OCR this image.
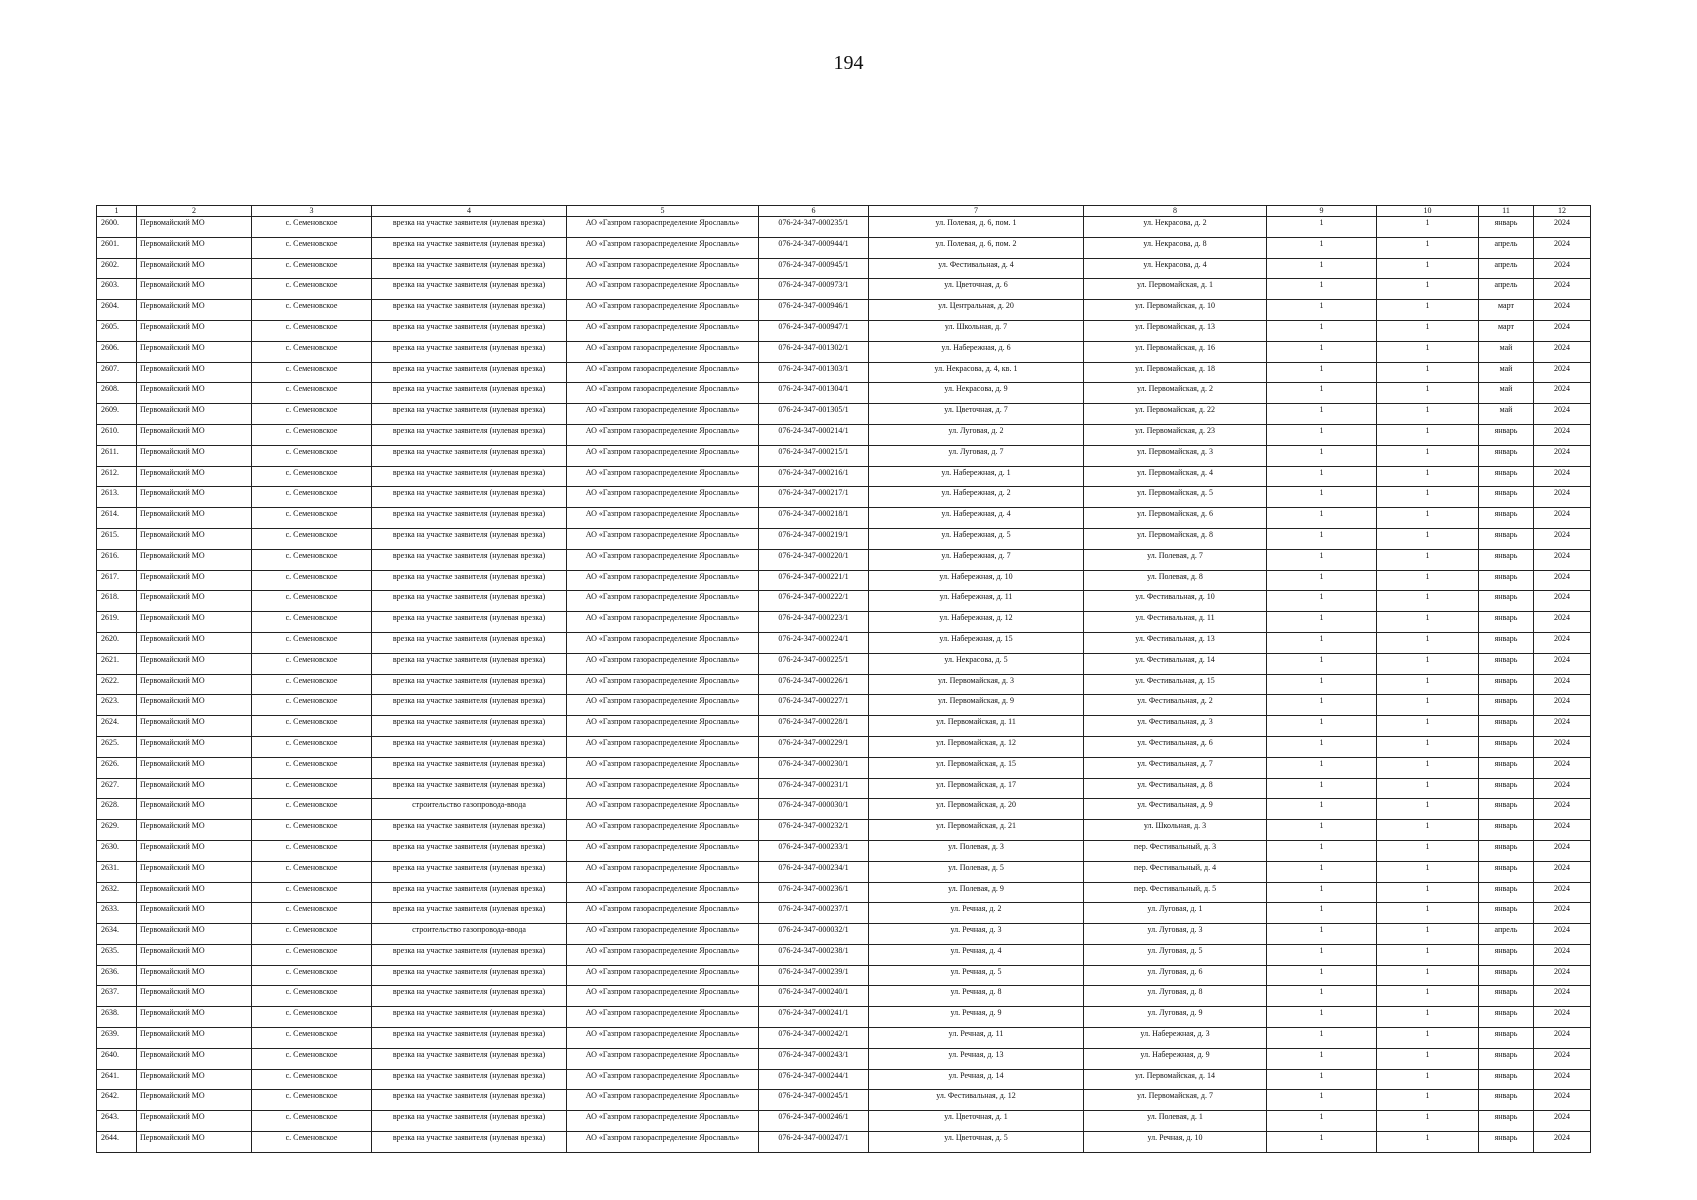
194
1	2	3	4	5	6	7	8	9	10	11	12
2600.	Первомайский МО	с. Семеновское	врезка на участке заявителя (нулевая врезка)	АО «Газпром газораспределение Ярославль»	076-24-347-000235/1	ул. Полевая, д. 6, пом. 1	ул. Некрасова, д. 2	1	1	январь	2024
2601.	Первомайский МО	с. Семеновское	врезка на участке заявителя (нулевая врезка)	АО «Газпром газораспределение Ярославль»	076-24-347-000944/1	ул. Полевая, д. 6, пом. 2	ул. Некрасова, д. 8	1	1	апрель	2024
2602.	Первомайский МО	с. Семеновское	врезка на участке заявителя (нулевая врезка)	АО «Газпром газораспределение Ярославль»	076-24-347-000945/1	ул. Фестивальная, д. 4	ул. Некрасова, д. 4	1	1	апрель	2024
2603.	Первомайский МО	с. Семеновское	врезка на участке заявителя (нулевая врезка)	АО «Газпром газораспределение Ярославль»	076-24-347-000973/1	ул. Цветочная, д. 6	ул. Первомайская, д. 1	1	1	апрель	2024
2604.	Первомайский МО	с. Семеновское	врезка на участке заявителя (нулевая врезка)	АО «Газпром газораспределение Ярославль»	076-24-347-000946/1	ул. Центральная, д. 20	ул. Первомайская, д. 10	1	1	март	2024
2605.	Первомайский МО	с. Семеновское	врезка на участке заявителя (нулевая врезка)	АО «Газпром газораспределение Ярославль»	076-24-347-000947/1	ул. Школьная, д. 7	ул. Первомайская, д. 13	1	1	март	2024
2606.	Первомайский МО	с. Семеновское	врезка на участке заявителя (нулевая врезка)	АО «Газпром газораспределение Ярославль»	076-24-347-001302/1	ул. Набережная, д. 6	ул. Первомайская, д. 16	1	1	май	2024
2607.	Первомайский МО	с. Семеновское	врезка на участке заявителя (нулевая врезка)	АО «Газпром газораспределение Ярославль»	076-24-347-001303/1	ул. Некрасова, д. 4, кв. 1	ул. Первомайская, д. 18	1	1	май	2024
2608.	Первомайский МО	с. Семеновское	врезка на участке заявителя (нулевая врезка)	АО «Газпром газораспределение Ярославль»	076-24-347-001304/1	ул. Некрасова, д. 9	ул. Первомайская, д. 2	1	1	май	2024
2609.	Первомайский МО	с. Семеновское	врезка на участке заявителя (нулевая врезка)	АО «Газпром газораспределение Ярославль»	076-24-347-001305/1	ул. Цветочная, д. 7	ул. Первомайская, д. 22	1	1	май	2024
2610.	Первомайский МО	с. Семеновское	врезка на участке заявителя (нулевая врезка)	АО «Газпром газораспределение Ярославль»	076-24-347-000214/1	ул. Луговая, д. 2	ул. Первомайская, д. 23	1	1	январь	2024
2611.	Первомайский МО	с. Семеновское	врезка на участке заявителя (нулевая врезка)	АО «Газпром газораспределение Ярославль»	076-24-347-000215/1	ул. Луговая, д. 7	ул. Первомайская, д. 3	1	1	январь	2024
2612.	Первомайский МО	с. Семеновское	врезка на участке заявителя (нулевая врезка)	АО «Газпром газораспределение Ярославль»	076-24-347-000216/1	ул. Набережная, д. 1	ул. Первомайская, д. 4	1	1	январь	2024
2613.	Первомайский МО	с. Семеновское	врезка на участке заявителя (нулевая врезка)	АО «Газпром газораспределение Ярославль»	076-24-347-000217/1	ул. Набережная, д. 2	ул. Первомайская, д. 5	1	1	январь	2024
2614.	Первомайский МО	с. Семеновское	врезка на участке заявителя (нулевая врезка)	АО «Газпром газораспределение Ярославль»	076-24-347-000218/1	ул. Набережная, д. 4	ул. Первомайская, д. 6	1	1	январь	2024
2615.	Первомайский МО	с. Семеновское	врезка на участке заявителя (нулевая врезка)	АО «Газпром газораспределение Ярославль»	076-24-347-000219/1	ул. Набережная, д. 5	ул. Первомайская, д. 8	1	1	январь	2024
2616.	Первомайский МО	с. Семеновское	врезка на участке заявителя (нулевая врезка)	АО «Газпром газораспределение Ярославль»	076-24-347-000220/1	ул. Набережная, д. 7	ул. Полевая, д. 7	1	1	январь	2024
2617.	Первомайский МО	с. Семеновское	врезка на участке заявителя (нулевая врезка)	АО «Газпром газораспределение Ярославль»	076-24-347-000221/1	ул. Набережная, д. 10	ул. Полевая, д. 8	1	1	январь	2024
2618.	Первомайский МО	с. Семеновское	врезка на участке заявителя (нулевая врезка)	АО «Газпром газораспределение Ярославль»	076-24-347-000222/1	ул. Набережная, д. 11	ул. Фестивальная, д. 10	1	1	январь	2024
2619.	Первомайский МО	с. Семеновское	врезка на участке заявителя (нулевая врезка)	АО «Газпром газораспределение Ярославль»	076-24-347-000223/1	ул. Набережная, д. 12	ул. Фестивальная, д. 11	1	1	январь	2024
2620.	Первомайский МО	с. Семеновское	врезка на участке заявителя (нулевая врезка)	АО «Газпром газораспределение Ярославль»	076-24-347-000224/1	ул. Набережная, д. 15	ул. Фестивальная, д. 13	1	1	январь	2024
2621.	Первомайский МО	с. Семеновское	врезка на участке заявителя (нулевая врезка)	АО «Газпром газораспределение Ярославль»	076-24-347-000225/1	ул. Некрасова, д. 5	ул. Фестивальная, д. 14	1	1	январь	2024
2622.	Первомайский МО	с. Семеновское	врезка на участке заявителя (нулевая врезка)	АО «Газпром газораспределение Ярославль»	076-24-347-000226/1	ул. Первомайская, д. 3	ул. Фестивальная, д. 15	1	1	январь	2024
2623.	Первомайский МО	с. Семеновское	врезка на участке заявителя (нулевая врезка)	АО «Газпром газораспределение Ярославль»	076-24-347-000227/1	ул. Первомайская, д. 9	ул. Фестивальная, д. 2	1	1	январь	2024
2624.	Первомайский МО	с. Семеновское	врезка на участке заявителя (нулевая врезка)	АО «Газпром газораспределение Ярославль»	076-24-347-000228/1	ул. Первомайская, д. 11	ул. Фестивальная, д. 3	1	1	январь	2024
2625.	Первомайский МО	с. Семеновское	врезка на участке заявителя (нулевая врезка)	АО «Газпром газораспределение Ярославль»	076-24-347-000229/1	ул. Первомайская, д. 12	ул. Фестивальная, д. 6	1	1	январь	2024
2626.	Первомайский МО	с. Семеновское	врезка на участке заявителя (нулевая врезка)	АО «Газпром газораспределение Ярославль»	076-24-347-000230/1	ул. Первомайская, д. 15	ул. Фестивальная, д. 7	1	1	январь	2024
2627.	Первомайский МО	с. Семеновское	врезка на участке заявителя (нулевая врезка)	АО «Газпром газораспределение Ярославль»	076-24-347-000231/1	ул. Первомайская, д. 17	ул. Фестивальная, д. 8	1	1	январь	2024
2628.	Первомайский МО	с. Семеновское	строительство газопровода-ввода	АО «Газпром газораспределение Ярославль»	076-24-347-000030/1	ул. Первомайская, д. 20	ул. Фестивальная, д. 9	1	1	январь	2024
2629.	Первомайский МО	с. Семеновское	врезка на участке заявителя (нулевая врезка)	АО «Газпром газораспределение Ярославль»	076-24-347-000232/1	ул. Первомайская, д. 21	ул. Школьная, д. 3	1	1	январь	2024
2630.	Первомайский МО	с. Семеновское	врезка на участке заявителя (нулевая врезка)	АО «Газпром газораспределение Ярославль»	076-24-347-000233/1	ул. Полевая, д. 3	пер. Фестивальный, д. 3	1	1	январь	2024
2631.	Первомайский МО	с. Семеновское	врезка на участке заявителя (нулевая врезка)	АО «Газпром газораспределение Ярославль»	076-24-347-000234/1	ул. Полевая, д. 5	пер. Фестивальный, д. 4	1	1	январь	2024
2632.	Первомайский МО	с. Семеновское	врезка на участке заявителя (нулевая врезка)	АО «Газпром газораспределение Ярославль»	076-24-347-000236/1	ул. Полевая, д. 9	пер. Фестивальный, д. 5	1	1	январь	2024
2633.	Первомайский МО	с. Семеновское	врезка на участке заявителя (нулевая врезка)	АО «Газпром газораспределение Ярославль»	076-24-347-000237/1	ул. Речная, д. 2	ул. Луговая, д. 1	1	1	январь	2024
2634.	Первомайский МО	с. Семеновское	строительство газопровода-ввода	АО «Газпром газораспределение Ярославль»	076-24-347-000032/1	ул. Речная, д. 3	ул. Луговая, д. 3	1	1	апрель	2024
2635.	Первомайский МО	с. Семеновское	врезка на участке заявителя (нулевая врезка)	АО «Газпром газораспределение Ярославль»	076-24-347-000238/1	ул. Речная, д. 4	ул. Луговая, д. 5	1	1	январь	2024
2636.	Первомайский МО	с. Семеновское	врезка на участке заявителя (нулевая врезка)	АО «Газпром газораспределение Ярославль»	076-24-347-000239/1	ул. Речная, д. 5	ул. Луговая, д. 6	1	1	январь	2024
2637.	Первомайский МО	с. Семеновское	врезка на участке заявителя (нулевая врезка)	АО «Газпром газораспределение Ярославль»	076-24-347-000240/1	ул. Речная, д. 8	ул. Луговая, д. 8	1	1	январь	2024
2638.	Первомайский МО	с. Семеновское	врезка на участке заявителя (нулевая врезка)	АО «Газпром газораспределение Ярославль»	076-24-347-000241/1	ул. Речная, д. 9	ул. Луговая, д. 9	1	1	январь	2024
2639.	Первомайский МО	с. Семеновское	врезка на участке заявителя (нулевая врезка)	АО «Газпром газораспределение Ярославль»	076-24-347-000242/1	ул. Речная, д. 11	ул. Набережная, д. 3	1	1	январь	2024
2640.	Первомайский МО	с. Семеновское	врезка на участке заявителя (нулевая врезка)	АО «Газпром газораспределение Ярославль»	076-24-347-000243/1	ул. Речная, д. 13	ул. Набережная, д. 9	1	1	январь	2024
2641.	Первомайский МО	с. Семеновское	врезка на участке заявителя (нулевая врезка)	АО «Газпром газораспределение Ярославль»	076-24-347-000244/1	ул. Речная, д. 14	ул. Первомайская, д. 14	1	1	январь	2024
2642.	Первомайский МО	с. Семеновское	врезка на участке заявителя (нулевая врезка)	АО «Газпром газораспределение Ярославль»	076-24-347-000245/1	ул. Фестивальная, д. 12	ул. Первомайская, д. 7	1	1	январь	2024
2643.	Первомайский МО	с. Семеновское	врезка на участке заявителя (нулевая врезка)	АО «Газпром газораспределение Ярославль»	076-24-347-000246/1	ул. Цветочная, д. 1	ул. Полевая, д. 1	1	1	январь	2024
2644.	Первомайский МО	с. Семеновское	врезка на участке заявителя (нулевая врезка)	АО «Газпром газораспределение Ярославль»	076-24-347-000247/1	ул. Цветочная, д. 5	ул. Речная, д. 10	1	1	январь	2024
